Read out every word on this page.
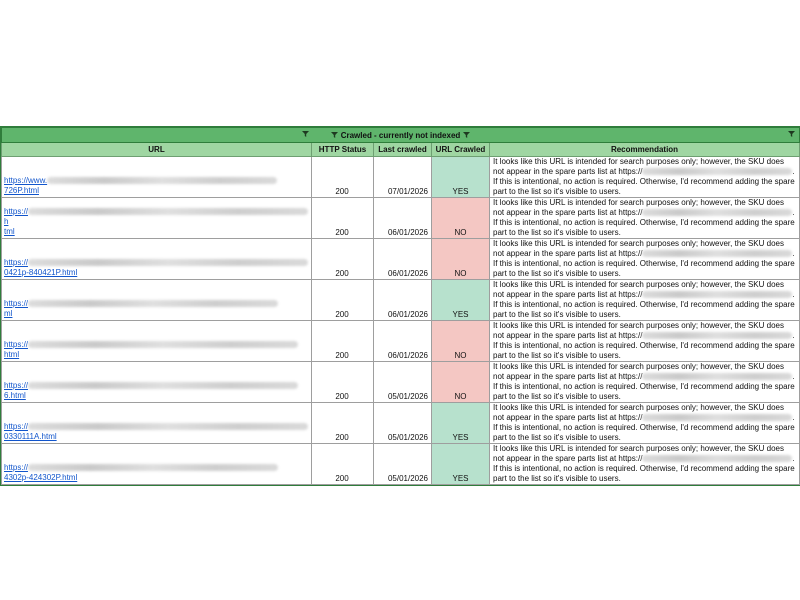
Crawled - currently not indexed				

URL	HTTP Status	Last crawled	URL Crawled	Recommendation

https://www.
726P.html	200	07/01/2026	YES	It looks like this URL is intended for search purposes only; however, the SKU does not appear in the spare parts list at https:// . If this is intentional, no action is required. Otherwise, I'd recommend adding the spare part to the list so it's visible to users.

https://h
tml	200	06/01/2026	NO	It looks like this URL is intended for search purposes only; however, the SKU does not appear in the spare parts list at https:// . If this is intentional, no action is required. Otherwise, I'd recommend adding the spare part to the list so it's visible to users.

https://
0421p-840421P.html	200	06/01/2026	NO	It looks like this URL is intended for search purposes only; however, the SKU does not appear in the spare parts list at https:// . If this is intentional, no action is required. Otherwise, I'd recommend adding the spare part to the list so it's visible to users.

https://
ml	200	06/01/2026	YES	It looks like this URL is intended for search purposes only; however, the SKU does not appear in the spare parts list at https:// . If this is intentional, no action is required. Otherwise, I'd recommend adding the spare part to the list so it's visible to users.

https://
html	200	06/01/2026	NO	It looks like this URL is intended for search purposes only; however, the SKU does not appear in the spare parts list at https:// . If this is intentional, no action is required. Otherwise, I'd recommend adding the spare part to the list so it's visible to users.

https://
6.html	200	05/01/2026	NO	It looks like this URL is intended for search purposes only; however, the SKU does not appear in the spare parts list at https:// . If this is intentional, no action is required. Otherwise, I'd recommend adding the spare part to the list so it's visible to users.

https://
0330111A.html	200	05/01/2026	YES	It looks like this URL is intended for search purposes only; however, the SKU does not appear in the spare parts list at https:// . If this is intentional, no action is required. Otherwise, I'd recommend adding the spare part to the list so it's visible to users.

https://
4302p-424302P.html	200	05/01/2026	YES	It looks like this URL is intended for search purposes only; however, the SKU does not appear in the spare parts list at https:// . If this is intentional, no action is required. Otherwise, I'd recommend adding the spare part to the list so it's visible to users.
